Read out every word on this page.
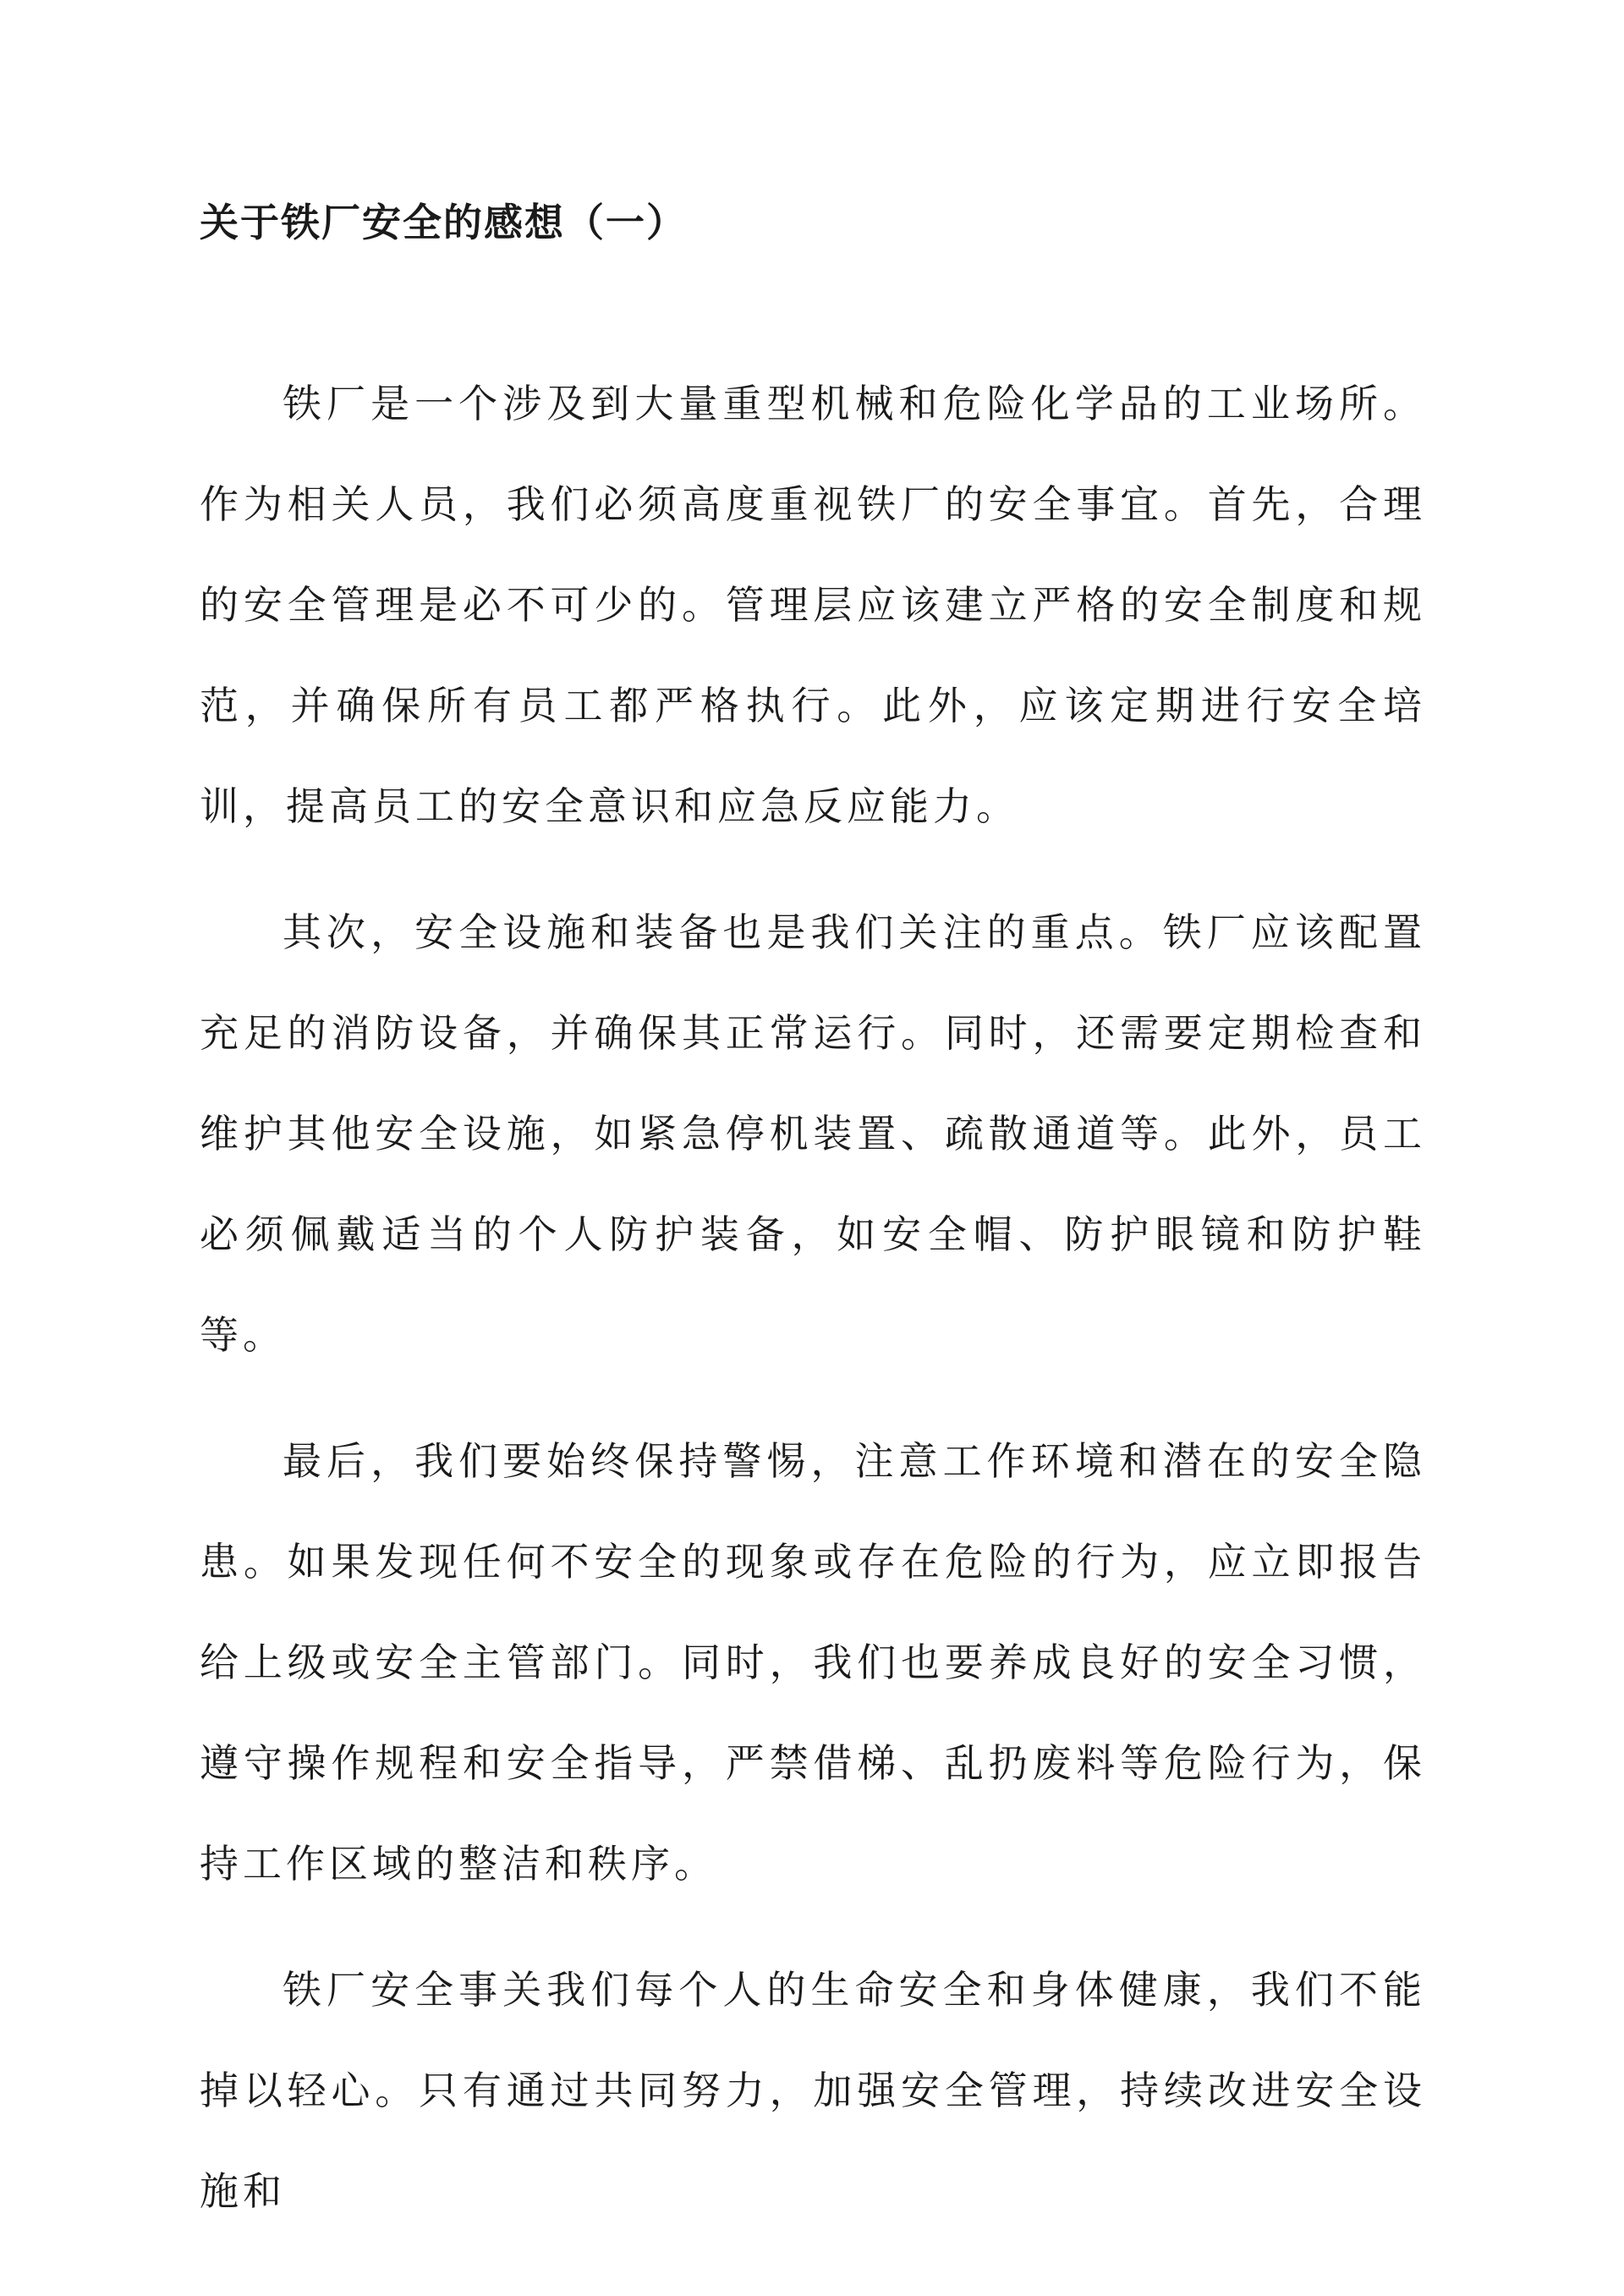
关于铁厂安全的感想（一）

铁厂是一个涉及到大量重型机械和危险化学品的工业场所。作为相关人员，我们必须高度重视铁厂的安全事宜。首先，合理的安全管理是必不可少的。管理层应该建立严格的安全制度和规范，并确保所有员工都严格执行。此外，应该定期进行安全培训，提高员工的安全意识和应急反应能力。

其次，安全设施和装备也是我们关注的重点。铁厂应该配置充足的消防设备，并确保其正常运行。同时，还需要定期检查和维护其他安全设施，如紧急停机装置、疏散通道等。此外，员工必须佩戴适当的个人防护装备，如安全帽、防护眼镜和防护鞋等。

最后，我们要始终保持警惕，注意工作环境和潜在的安全隐患。如果发现任何不安全的现象或存在危险的行为，应立即报告给上级或安全主管部门。同时，我们也要养成良好的安全习惯，遵守操作规程和安全指导，严禁借梯、乱扔废料等危险行为，保持工作区域的整洁和秩序。

铁厂安全事关我们每个人的生命安全和身体健康，我们不能掉以轻心。只有通过共同努力，加强安全管理，持续改进安全设施和
